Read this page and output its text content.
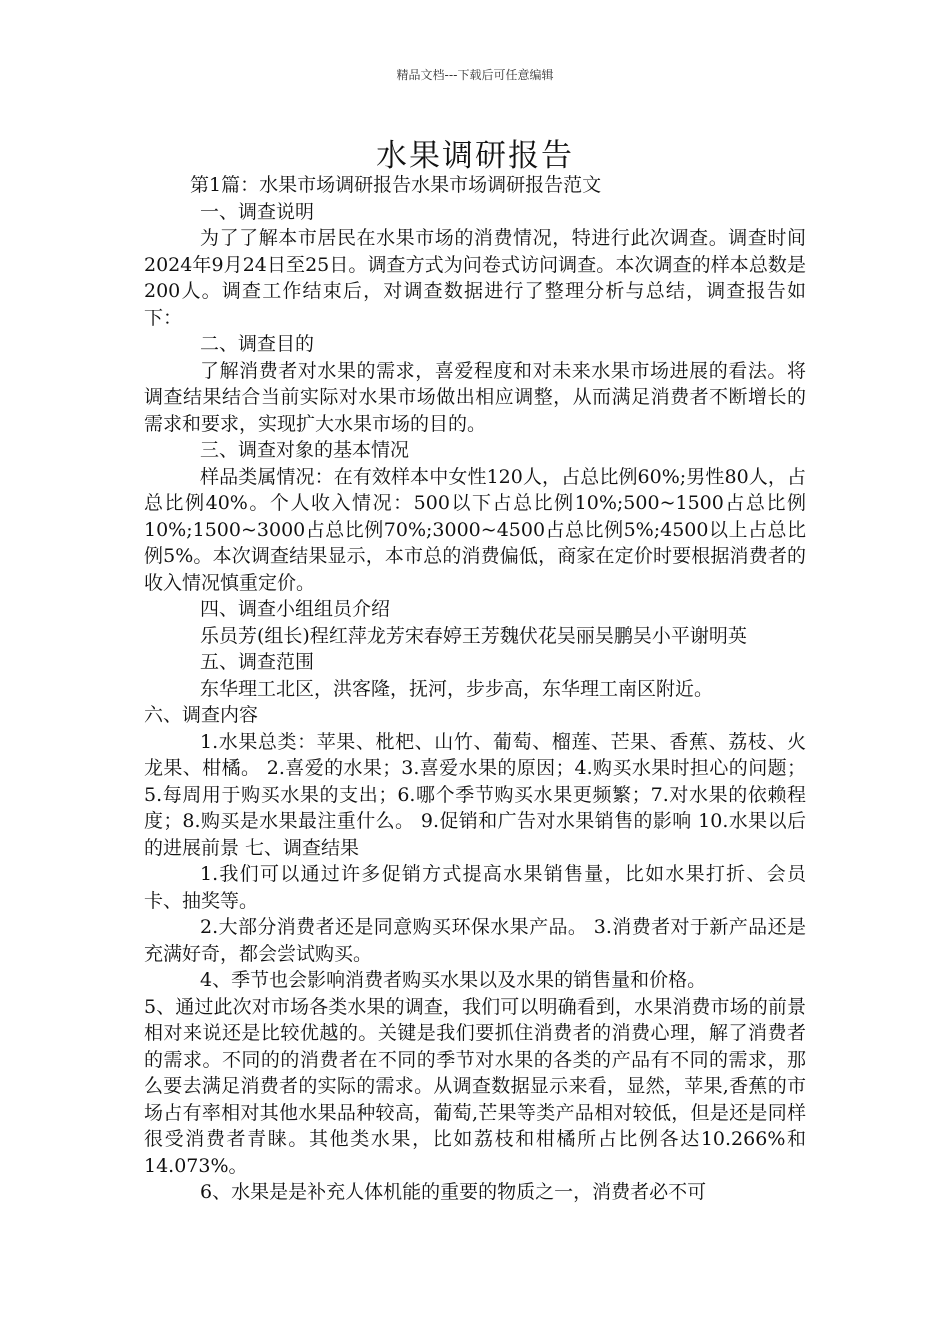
精品文档---下载后可任意编辑
水果调研报告

第1篇：水果市场调研报告水果市场调研报告范文

一、调查说明

为了了解本市居民在水果市场的消费情况，特进行此次调查。调查时间2024年9月24日至25日。调查方式为问卷式访问调查。本次调查的样本总数是200人。调查工作结束后，对调查数据进行了整理分析与总结，调查报告如下：

二、调查目的

了解消费者对水果的需求，喜爱程度和对未来水果市场进展的看法。将调查结果结合当前实际对水果市场做出相应调整，从而满足消费者不断增长的需求和要求，实现扩大水果市场的目的。

三、调查对象的基本情况

样品类属情况：在有效样本中女性120人，占总比例60%;男性80人，占总比例40%。个人收入情况：500以下占总比例10%;500~1500占总比例10%;1500~3000占总比例70%;3000~4500占总比例5%;4500以上占总比例5%。本次调查结果显示，本市总的消费偏低，商家在定价时要根据消费者的收入情况慎重定价。

四、调查小组组员介绍

乐员芳(组长)程红萍龙芳宋春婷王芳魏伏花吴丽吴鹏吴小平谢明英

五、调查范围

东华理工北区，洪客隆，抚河，步步高，东华理工南区附近。

六、调查内容

1.水果总类：苹果、枇杷、山竹、葡萄、榴莲、芒果、香蕉、荔枝、火龙果、柑橘。 2.喜爱的水果；3.喜爱水果的原因；4.购买水果时担心的问题；5.每周用于购买水果的支出；6.哪个季节购买水果更频繁；7.对水果的依赖程度；8.购买是水果最注重什么。 9.促销和广告对水果销售的影响 10.水果以后的进展前景 七、调查结果

1.我们可以通过许多促销方式提高水果销售量，比如水果打折、会员卡、抽奖等。

2.大部分消费者还是同意购买环保水果产品。 3.消费者对于新产品还是充满好奇，都会尝试购买。

4、季节也会影响消费者购买水果以及水果的销售量和价格。

5、通过此次对市场各类水果的调查，我们可以明确看到，水果消费市场的前景相对来说还是比较优越的。关键是我们要抓住消费者的消费心理，解了消费者的需求。不同的的消费者在不同的季节对水果的各类的产品有不同的需求，那么要去满足消费者的实际的需求。从调查数据显示来看，显然，苹果,香蕉的市场占有率相对其他水果品种较高，葡萄,芒果等类产品相对较低，但是还是同样很受消费者青睐。其他类水果，比如荔枝和柑橘所占比例各达10.266%和14.073%。

6、水果是是补充人体机能的重要的物质之一，消费者必不可
